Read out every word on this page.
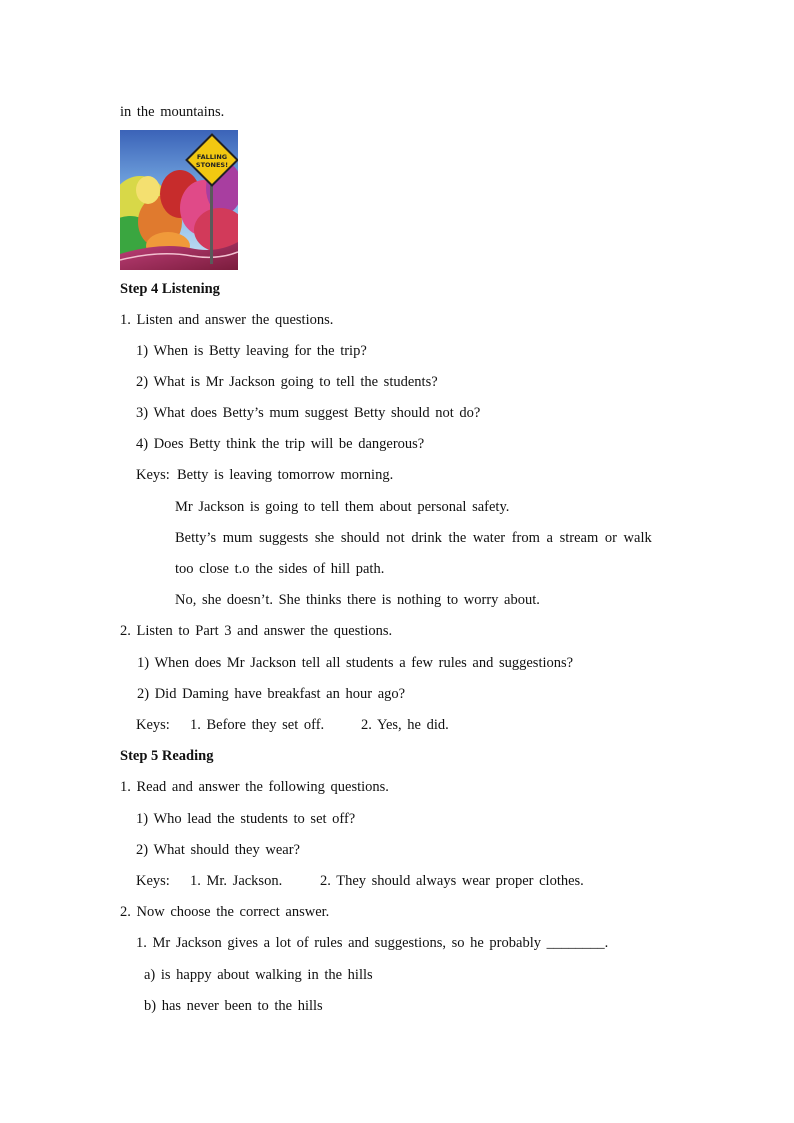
in the mountains.
FALLING
STONES!
Step 4 Listening
1. Listen and answer the questions.
1) When is Betty leaving for the trip?
2) What is Mr Jackson going to tell the students?
3) What does Betty’s mum suggest Betty should not do?
4) Does Betty think the trip will be dangerous?
Keys: Betty is leaving tomorrow morning.
Mr Jackson is going to tell them about personal safety.
Betty’s mum suggests she should not drink the water from a stream or walk
too close t.o the sides of hill path.
No, she doesn’t. She thinks there is nothing to worry about.
2. Listen to Part 3 and answer the questions.
1) When does Mr Jackson tell all students a few rules and suggestions?
2) Did Daming have breakfast an hour ago?
Keys: 1. Before they set off.	2. Yes, he did.
Step 5 Reading
1. Read and answer the following questions.
1) Who lead the students to set off?
2) What should they wear?
Keys: 1. Mr. Jackson.	2. They should always wear proper clothes.
2. Now choose the correct answer.
1. Mr Jackson gives a lot of rules and suggestions, so he probably ________.
a) is happy about walking in the hills
b) has never been to the hills
